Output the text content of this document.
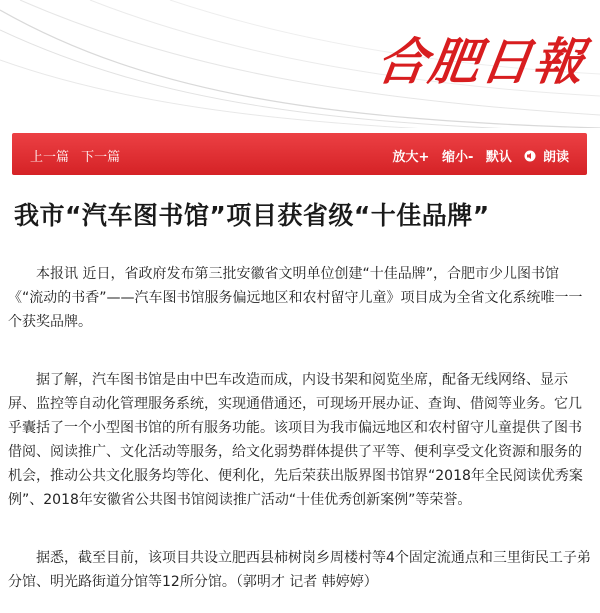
合肥日報
上一篇 下一篇	放大+ 缩小- 默认 朗读
我市“汽车图书馆”项目获省级“十佳品牌”

本报讯 近日，省政府发布第三批安徽省文明单位创建“十佳品牌”，合肥市少儿图书馆《“流动的书香”——汽车图书馆服务偏远地区和农村留守儿童》项目成为全省文化系统唯一一个获奖品牌。

据了解，汽车图书馆是由中巴车改造而成，内设书架和阅览坐席，配备无线网络、显示屏、监控等自动化管理服务系统，实现通借通还，可现场开展办证、查询、借阅等业务。它几乎囊括了一个小型图书馆的所有服务功能。该项目为我市偏远地区和农村留守儿童提供了图书借阅、阅读推广、文化活动等服务，给文化弱势群体提供了平等、便利享受文化资源和服务的机会，推动公共文化服务均等化、便利化，先后荣获出版界图书馆界“2018年全民阅读优秀案例”、2018年安徽省公共图书馆阅读推广活动“十佳优秀创新案例”等荣誉。

据悉，截至目前，该项目共设立肥西县柿树岗乡周楼村等4个固定流通点和三里街民工子弟分馆、明光路街道分馆等12所分馆。（郭明才 记者 韩婷婷）
